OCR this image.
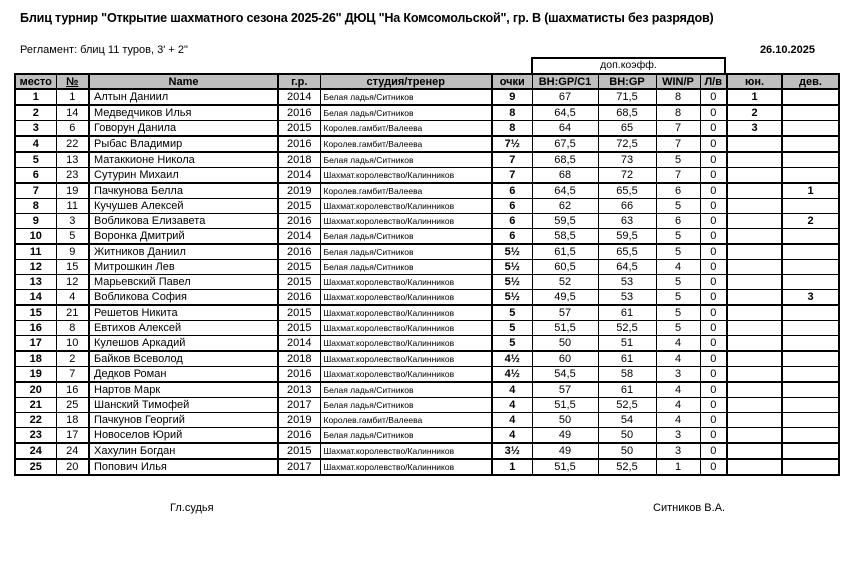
Блиц турнир "Открытие шахматного сезона 2025-26" ДЮЦ "На Комсомольской", гр. В (шахматисты без разрядов)
Регламент: блиц 11 туров, 3' + 2"	26.10.2025
доп.коэфф.
место	№	Name	г.р.	студия/тренер	очки	BH:GP/C1	BH:GP	WIN/P	Л/в	юн.	дев.
1	1	Алтын Даниил	2014	Белая ладья/Ситников	9	67	71,5	8	0	1	
2	14	Медведчиков Илья	2016	Белая ладья/Ситников	8	64,5	68,5	8	0	2	
3	6	Говорун Данила	2015	Королев.гамбит/Валеева	8	64	65	7	0	3	
4	22	Рыбас Владимир	2016	Королев.гамбит/Валеева	7½	67,5	72,5	7	0		
5	13	Матаккионе Никола	2018	Белая ладья/Ситников	7	68,5	73	5	0		
6	23	Сутурин Михаил	2014	Шахмат.королевство/Калинников	7	68	72	7	0		
7	19	Пачкунова Белла	2019	Королев.гамбит/Валеева	6	64,5	65,5	6	0		1
8	11	Кучушев Алексей	2015	Шахмат.королевство/Калинников	6	62	66	5	0		
9	3	Вобликова Елизавета	2016	Шахмат.королевство/Калинников	6	59,5	63	6	0		2
10	5	Воронка Дмитрий	2014	Белая ладья/Ситников	6	58,5	59,5	5	0		
11	9	Житников Даниил	2016	Белая ладья/Ситников	5½	61,5	65,5	5	0		
12	15	Митрошкин Лев	2015	Белая ладья/Ситников	5½	60,5	64,5	4	0		
13	12	Марьевский Павел	2015	Шахмат.королевство/Калинников	5½	52	53	5	0		
14	4	Вобликова София	2016	Шахмат.королевство/Калинников	5½	49,5	53	5	0		3
15	21	Решетов Никита	2015	Шахмат.королевство/Калинников	5	57	61	5	0		
16	8	Евтихов Алексей	2015	Шахмат.королевство/Калинников	5	51,5	52,5	5	0		
17	10	Кулешов Аркадий	2014	Шахмат.королевство/Калинников	5	50	51	4	0		
18	2	Байков Всеволод	2018	Шахмат.королевство/Калинников	4½	60	61	4	0		
19	7	Дедков Роман	2016	Шахмат.королевство/Калинников	4½	54,5	58	3	0		
20	16	Нартов Марк	2013	Белая ладья/Ситников	4	57	61	4	0		
21	25	Шанский Тимофей	2017	Белая ладья/Ситников	4	51,5	52,5	4	0		
22	18	Пачкунов Георгий	2019	Королев.гамбит/Валеева	4	50	54	4	0		
23	17	Новоселов Юрий	2016	Белая ладья/Ситников	4	49	50	3	0		
24	24	Хахулин Богдан	2015	Шахмат.королевство/Калинников	3½	49	50	3	0		
25	20	Попович Илья	2017	Шахмат.королевство/Калинников	1	51,5	52,5	1	0		
Гл.судья	Ситников В.А.
